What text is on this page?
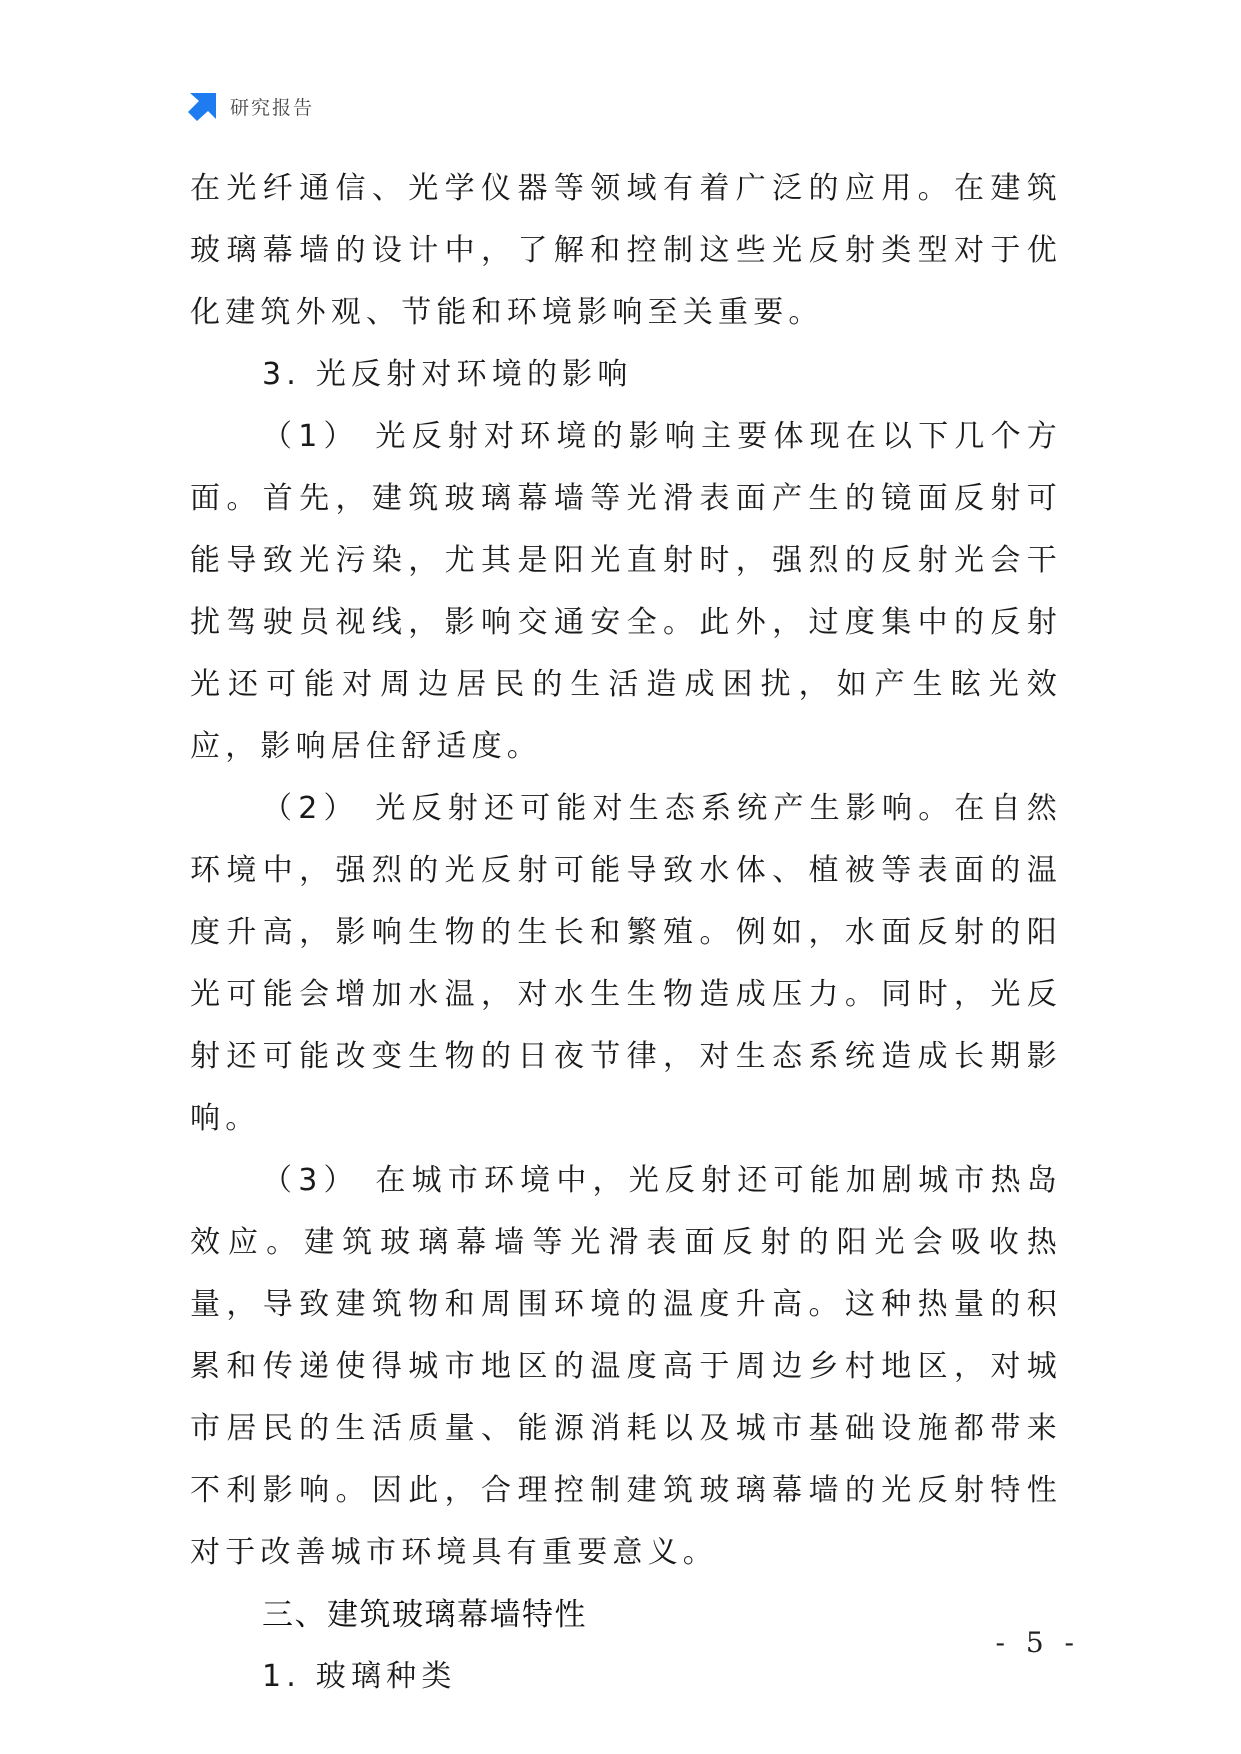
研究报告

在光纤通信、光学仪器等领域有着广泛的应用。在建筑玻璃幕墙的设计中，了解和控制这些光反射类型对于优化建筑外观、节能和环境影响至关重要。

3. 光反射对环境的影响

（1） 光反射对环境的影响主要体现在以下几个方面。首先，建筑玻璃幕墙等光滑表面产生的镜面反射可能导致光污染，尤其是阳光直射时，强烈的反射光会干扰驾驶员视线，影响交通安全。此外，过度集中的反射光还可能对周边居民的生活造成困扰，如产生眩光效应，影响居住舒适度。

（2） 光反射还可能对生态系统产生影响。在自然环境中，强烈的光反射可能导致水体、植被等表面的温度升高，影响生物的生长和繁殖。例如，水面反射的阳光可能会增加水温，对水生生物造成压力。同时，光反射还可能改变生物的日夜节律，对生态系统造成长期影响。

（3） 在城市环境中，光反射还可能加剧城市热岛效应。建筑玻璃幕墙等光滑表面反射的阳光会吸收热量，导致建筑物和周围环境的温度升高。这种热量的积累和传递使得城市地区的温度高于周边乡村地区，对城市居民的生活质量、能源消耗以及城市基础设施都带来不利影响。因此，合理控制建筑玻璃幕墙的光反射特性对于改善城市环境具有重要意义。

三、建筑玻璃幕墙特性

1. 玻璃种类

- 5 -
